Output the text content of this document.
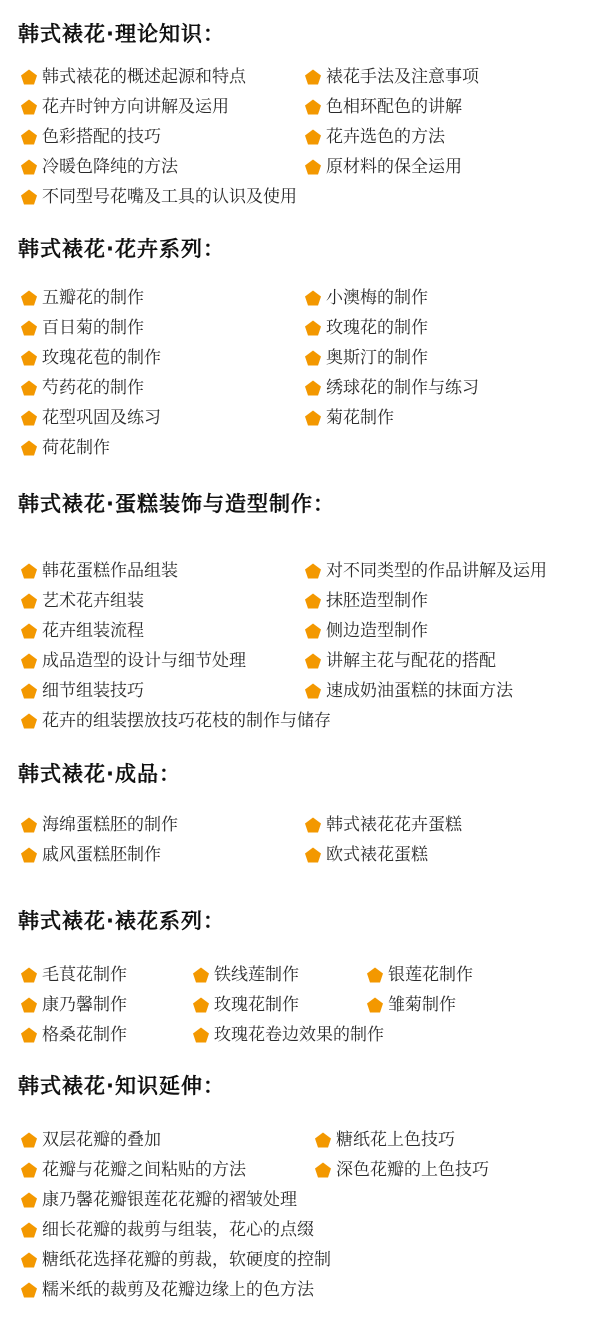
韩式裱花·理论知识：
韩式裱花的概述起源和特点	裱花手法及注意事项
花卉时钟方向讲解及运用	色相环配色的讲解
色彩搭配的技巧	花卉选色的方法
冷暖色降纯的方法	原材料的保全运用
不同型号花嘴及工具的认识及使用
韩式裱花·花卉系列：
五瓣花的制作	小澳梅的制作
百日菊的制作	玫瑰花的制作
玫瑰花苞的制作	奥斯汀的制作
芍药花的制作	绣球花的制作与练习
花型巩固及练习	菊花制作
荷花制作
韩式裱花·蛋糕装饰与造型制作：
韩花蛋糕作品组装	对不同类型的作品讲解及运用
艺术花卉组装	抹胚造型制作
花卉组装流程	侧边造型制作
成品造型的设计与细节处理	讲解主花与配花的搭配
细节组装技巧	速成奶油蛋糕的抹面方法
花卉的组装摆放技巧花枝的制作与储存
韩式裱花·成品：
海绵蛋糕胚的制作	韩式裱花花卉蛋糕
戚风蛋糕胚制作	欧式裱花蛋糕
韩式裱花·裱花系列：
毛茛花制作	铁线莲制作	银莲花制作
康乃馨制作	玫瑰花制作	雏菊制作
格桑花制作	玫瑰花卷边效果的制作
韩式裱花·知识延伸：
双层花瓣的叠加	糖纸花上色技巧
花瓣与花瓣之间粘贴的方法	深色花瓣的上色技巧
康乃馨花瓣银莲花花瓣的褶皱处理
细长花瓣的裁剪与组装，花心的点缀
糖纸花选择花瓣的剪裁，软硬度的控制
糯米纸的裁剪及花瓣边缘上的色方法
